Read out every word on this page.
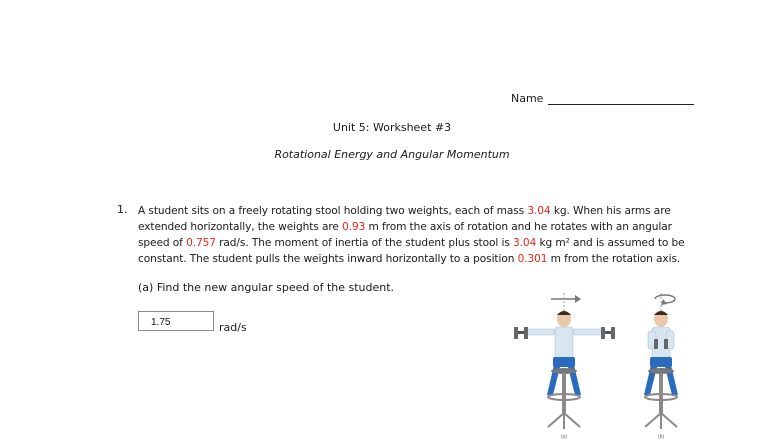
Name
Unit 5: Worksheet #3
Rotational Energy and Angular Momentum
1. A student sits on a freely rotating stool holding two weights, each of mass 3.04 kg. When his arms are extended horizontally, the weights are 0.93 m from the axis of rotation and he rotates with an angular speed of 0.757 rad/s. The moment of inertia of the student plus stool is 3.04 kg m² and is assumed to be constant. The student pulls the weights inward horizontally to a position 0.301 m from the rotation axis.
(a) Find the new angular speed of the student.
1.75
rad/s
(a)	(b)
